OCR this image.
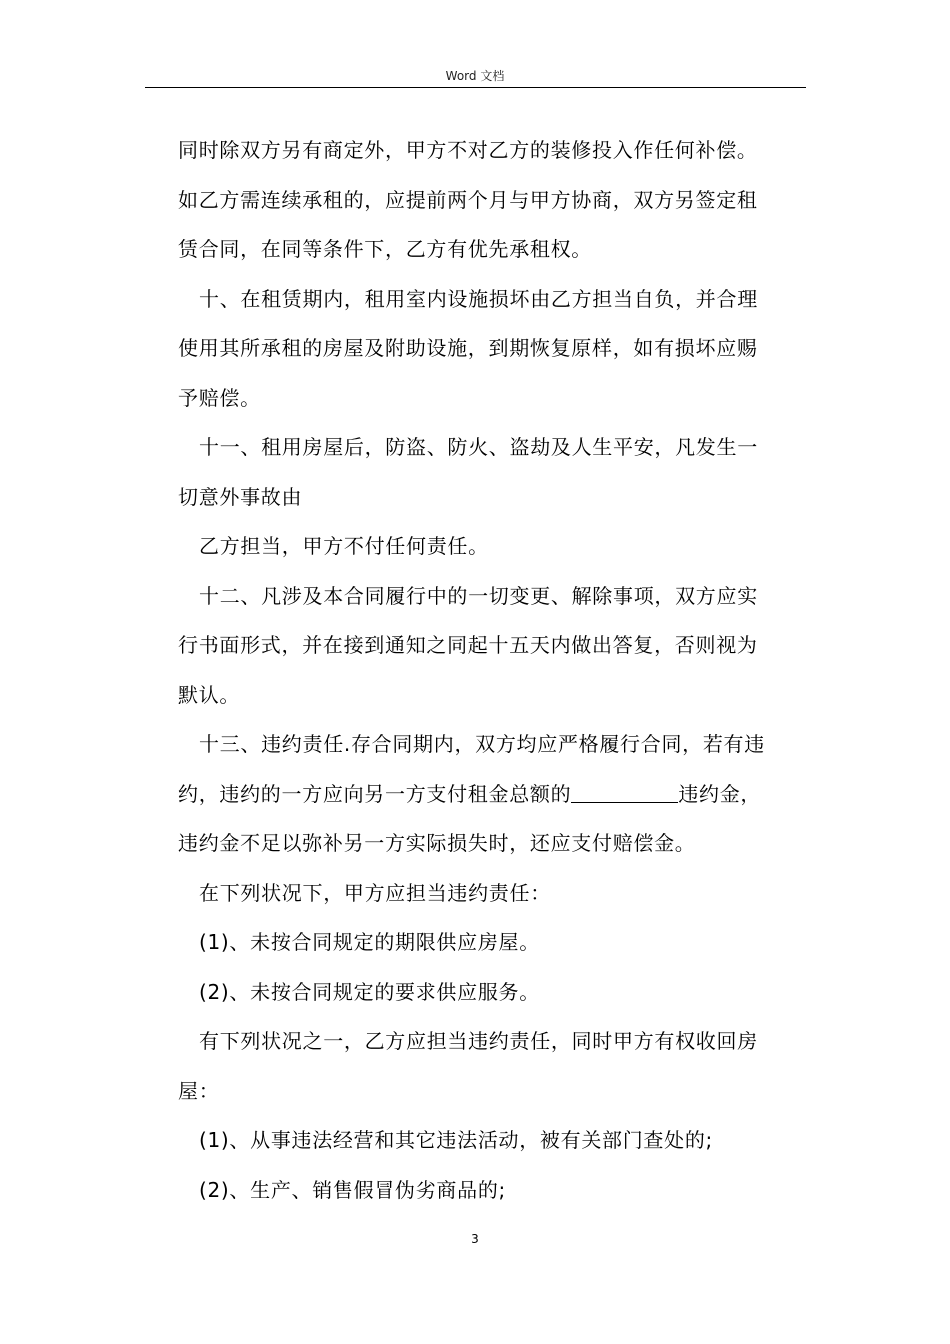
Word 文档
同时除双方另有商定外，甲方不对乙方的装修投入作任何补偿。
如乙方需连续承租的，应提前两个月与甲方协商，双方另签定租
赁合同，在同等条件下，乙方有优先承租权。
十、在租赁期内，租用室内设施损坏由乙方担当自负，并合理
使用其所承租的房屋及附助设施，到期恢复原样，如有损坏应赐
予赔偿。
十一、租用房屋后，防盗、防火、盗劫及人生平安，凡发生一
切意外事故由
乙方担当，甲方不付任何责任。
十二、凡涉及本合同履行中的一切变更、解除事项，双方应实
行书面形式，并在接到通知之同起十五天内做出答复，否则视为
默认。
十三、违约责任.存合同期内，双方均应严格履行合同，若有违
约，违约的一方应向另一方支付租金总额的	违约金，
违约金不足以弥补另一方实际损失时，还应支付赔偿金。
在下列状况下，甲方应担当违约责任：
(1)、未按合同规定的期限供应房屋。
(2)、未按合同规定的要求供应服务。
有下列状况之一，乙方应担当违约责任，同时甲方有权收回房
屋：
(1)、从事违法经营和其它违法活动，被有关部门查处的;
(2)、生产、销售假冒伪劣商品的;
3
